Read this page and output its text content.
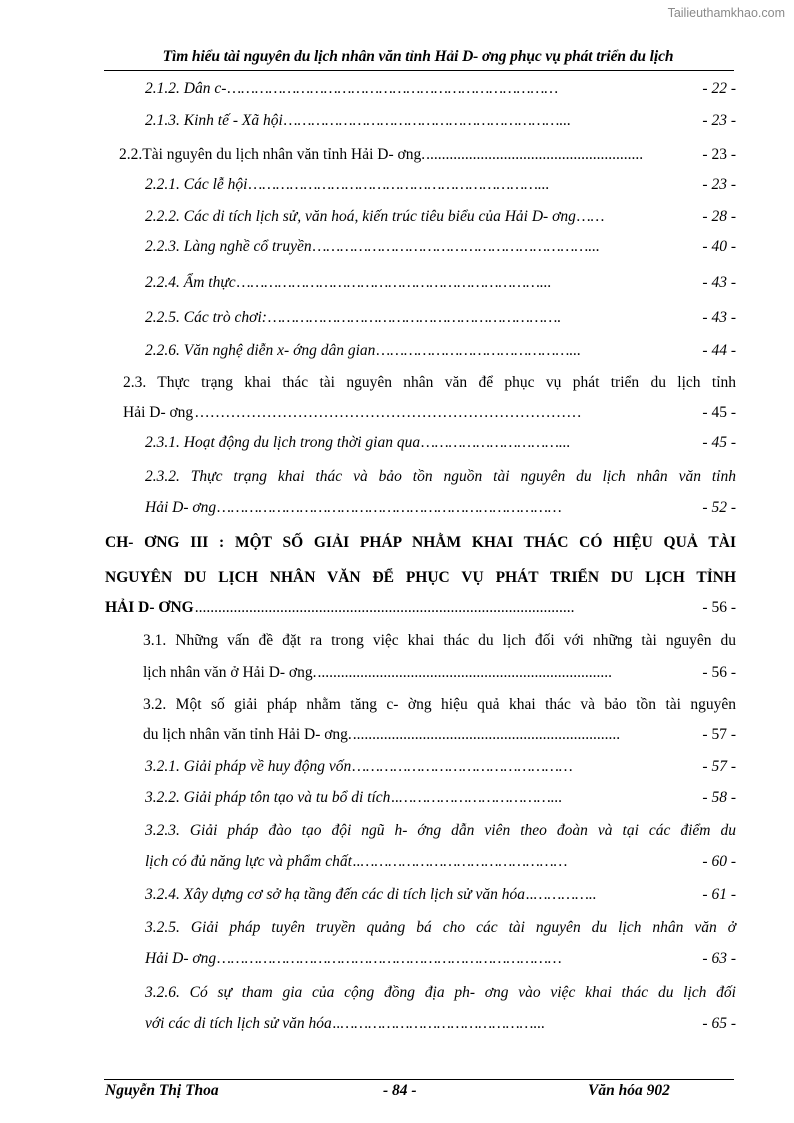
Tailieuthamkhao.com
Tìm hiểu tài nguyên du lịch nhân văn tỉnh Hải D- ơng phục vụ phát triển du lịch
2.1.2. Dân c- ………………………………………………………………	- 22 -
2.1.3. Kinh tế - Xã hội ……………………………………………………...	- 23 -
2.2.Tài nguyên du lịch nhân văn tỉnh Hải D- ơng. ........................................................	- 23 -
2.2.1. Các lễ hội ………………………………………………………...	- 23 -
2.2.2. Các di tích lịch sử, văn hoá, kiến trúc tiêu biểu của Hải D- ơng ……	- 28 -
2.2.3. Làng nghề cổ truyền ……………………………………………………...	- 40 -
2.2.4. Ẩm thực …………………………………………………………...	- 43 -
2.2.5. Các trò chơi: ……………………………………………………….	- 43 -
2.2.6. Văn nghệ diễn x- ớng dân gian ……………………………………...	- 44 -
2.3. Thực trạng khai thác tài nguyên nhân văn để phục vụ phát triển du lịch tỉnh
Hải D- ơng …………………………………………………………………	- 45 -
2.3.1. Hoạt động du lịch trong thời gian qua …………………………...	- 45 -
2.3.2. Thực trạng khai thác và bảo tồn nguồn tài nguyên du lịch nhân văn tỉnh
Hải D- ơng …………………………………………………………………	- 52 -
CH- ƠNG III : MỘT SỐ GIẢI PHÁP NHẰM KHAI THÁC CÓ HIỆU QUẢ TÀI
NGUYÊN DU LỊCH NHÂN VĂN ĐỂ PHỤC VỤ PHÁT TRIỂN DU LỊCH TỈNH
HẢI D- ƠNG ..................................................................................................	- 56 -
3.1. Những vấn đề đặt ra trong việc khai thác du lịch đối với những tài nguyên du
lịch nhân văn ở Hải D- ơng. ............................................................................	- 56 -
3.2. Một số giải pháp nhằm tăng c- ờng hiệu quả khai thác và bảo tồn tài nguyên
du lịch nhân văn tỉnh Hải D- ơng. .....................................................................	- 57 -
3.2.1. Giải pháp về huy động vốn …………………………………………	- 57 -
3.2.2. Giải pháp tôn tạo và tu bổ di tích ..……………………………...	- 58 -
3.2.3. Giải pháp đào tạo đội ngũ h- ớng dẫn viên theo đoàn và tại các điểm du
lịch có đủ năng lực và phẩm chất ..………………………………………	- 60 -
3.2.4. Xây dựng cơ sở hạ tầng đến các di tích lịch sử văn hóa ..…………..	- 61 -
3.2.5. Giải pháp tuyên truyền quảng bá cho các tài nguyên du lịch nhân văn ở
Hải D- ơng …………………………………………………………………	- 63 -
3.2.6. Có sự tham gia của cộng đồng địa ph- ơng vào việc khai thác du lịch đối
với các di tích lịch sử văn hóa ..……………………………………...	- 65 -
Nguyễn Thị Thoa	- 84 -	Văn hóa 902
